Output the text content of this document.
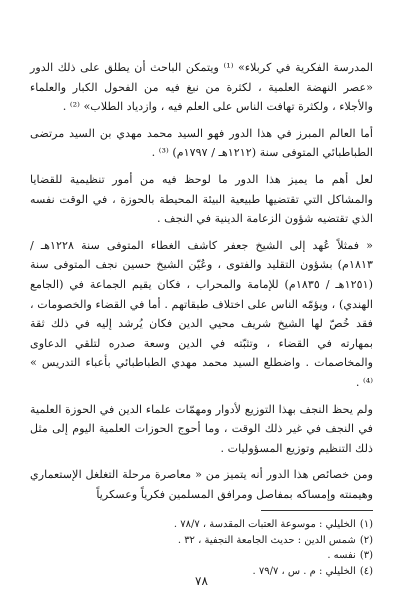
المدرسة الفكرية في كربلاء» ⁽¹⁾ ويتمكن الباحث أن يطلق على ذلك الدور «عصر النهضة العلمية ، لكثرة من نبغ فيه من الفحول الكبار والعلماء والأجلاء ، ولكثرة تهافت الناس على العلم فيه ، وازدياد الطلاب» ⁽²⁾ .

أما العالم المبرز في هذا الدور فهو السيد محمد مهدي بن السيد مرتضى الطباطبائي المتوفى سنة (١٢١٢هـ / ١٧٩٧م) ⁽³⁾ .

لعل أهم ما يميز هذا الدور ما لوحظ فيه من أمور تنظيمية للقضايا والمشاكل التي تقتضيها طبيعية البيئة المحيطة بالحوزة ، في الوقت نفسه الذي تقتضيه شؤون الزعامة الدينية في النجف .

« فمثلاً عُهد إلى الشيخ جعفر كاشف الغطاء المتوفى سنة ١٢٢٨هـ / ١٨١٣م) بشؤون التقليد والفتوى ، وعُيّن الشيخ حسين نجف المتوفى سنة (١٢٥١هـ / ١٨٣٥م) للإمامة والمحراب ، فكان يقيم الجماعة في (الجامع الهندي) ، ويؤمّه الناس على اختلاف طبقاتهم . أما في القضاء والخصومات ، فقد خُصّ لها الشيخ شريف محيي الدين فكان يُرشد إليه في ذلك ثقة بمهارته في القضاء ، وتثبّته في الدين وسعة صدره لتلقي الدعاوى والمخاصمات . واضطلع السيد محمد مهدي الطباطبائي بأعباء التدريس » ⁽⁴⁾ .

ولم يحظ النجف بهذا التوزيع لأدوار ومهمّات علماء الدين في الحوزة العلمية في النجف في غير ذلك الوقت ، وما أحوج الحوزات العلمية اليوم إلى مثل ذلك التنظيم وتوزيع المسؤوليات .

ومن خصائص هذا الدور أنه يتميز من « معاصرة مرحلة التغلغل الإستعماري وهيمنته وإمساكه بمفاصل ومرافق المسلمين فكرياً وعسكرياً

(١)الخليلي : موسوعة العتبات المقدسة ، ٧٨/٧ .

(٢)شمس الدين : حديث الجامعة النجفية ، ٣٢ .

(٣)نفسه .

(٤)الخليلي : م . س ، ٧٩/٧ .

٧٨
